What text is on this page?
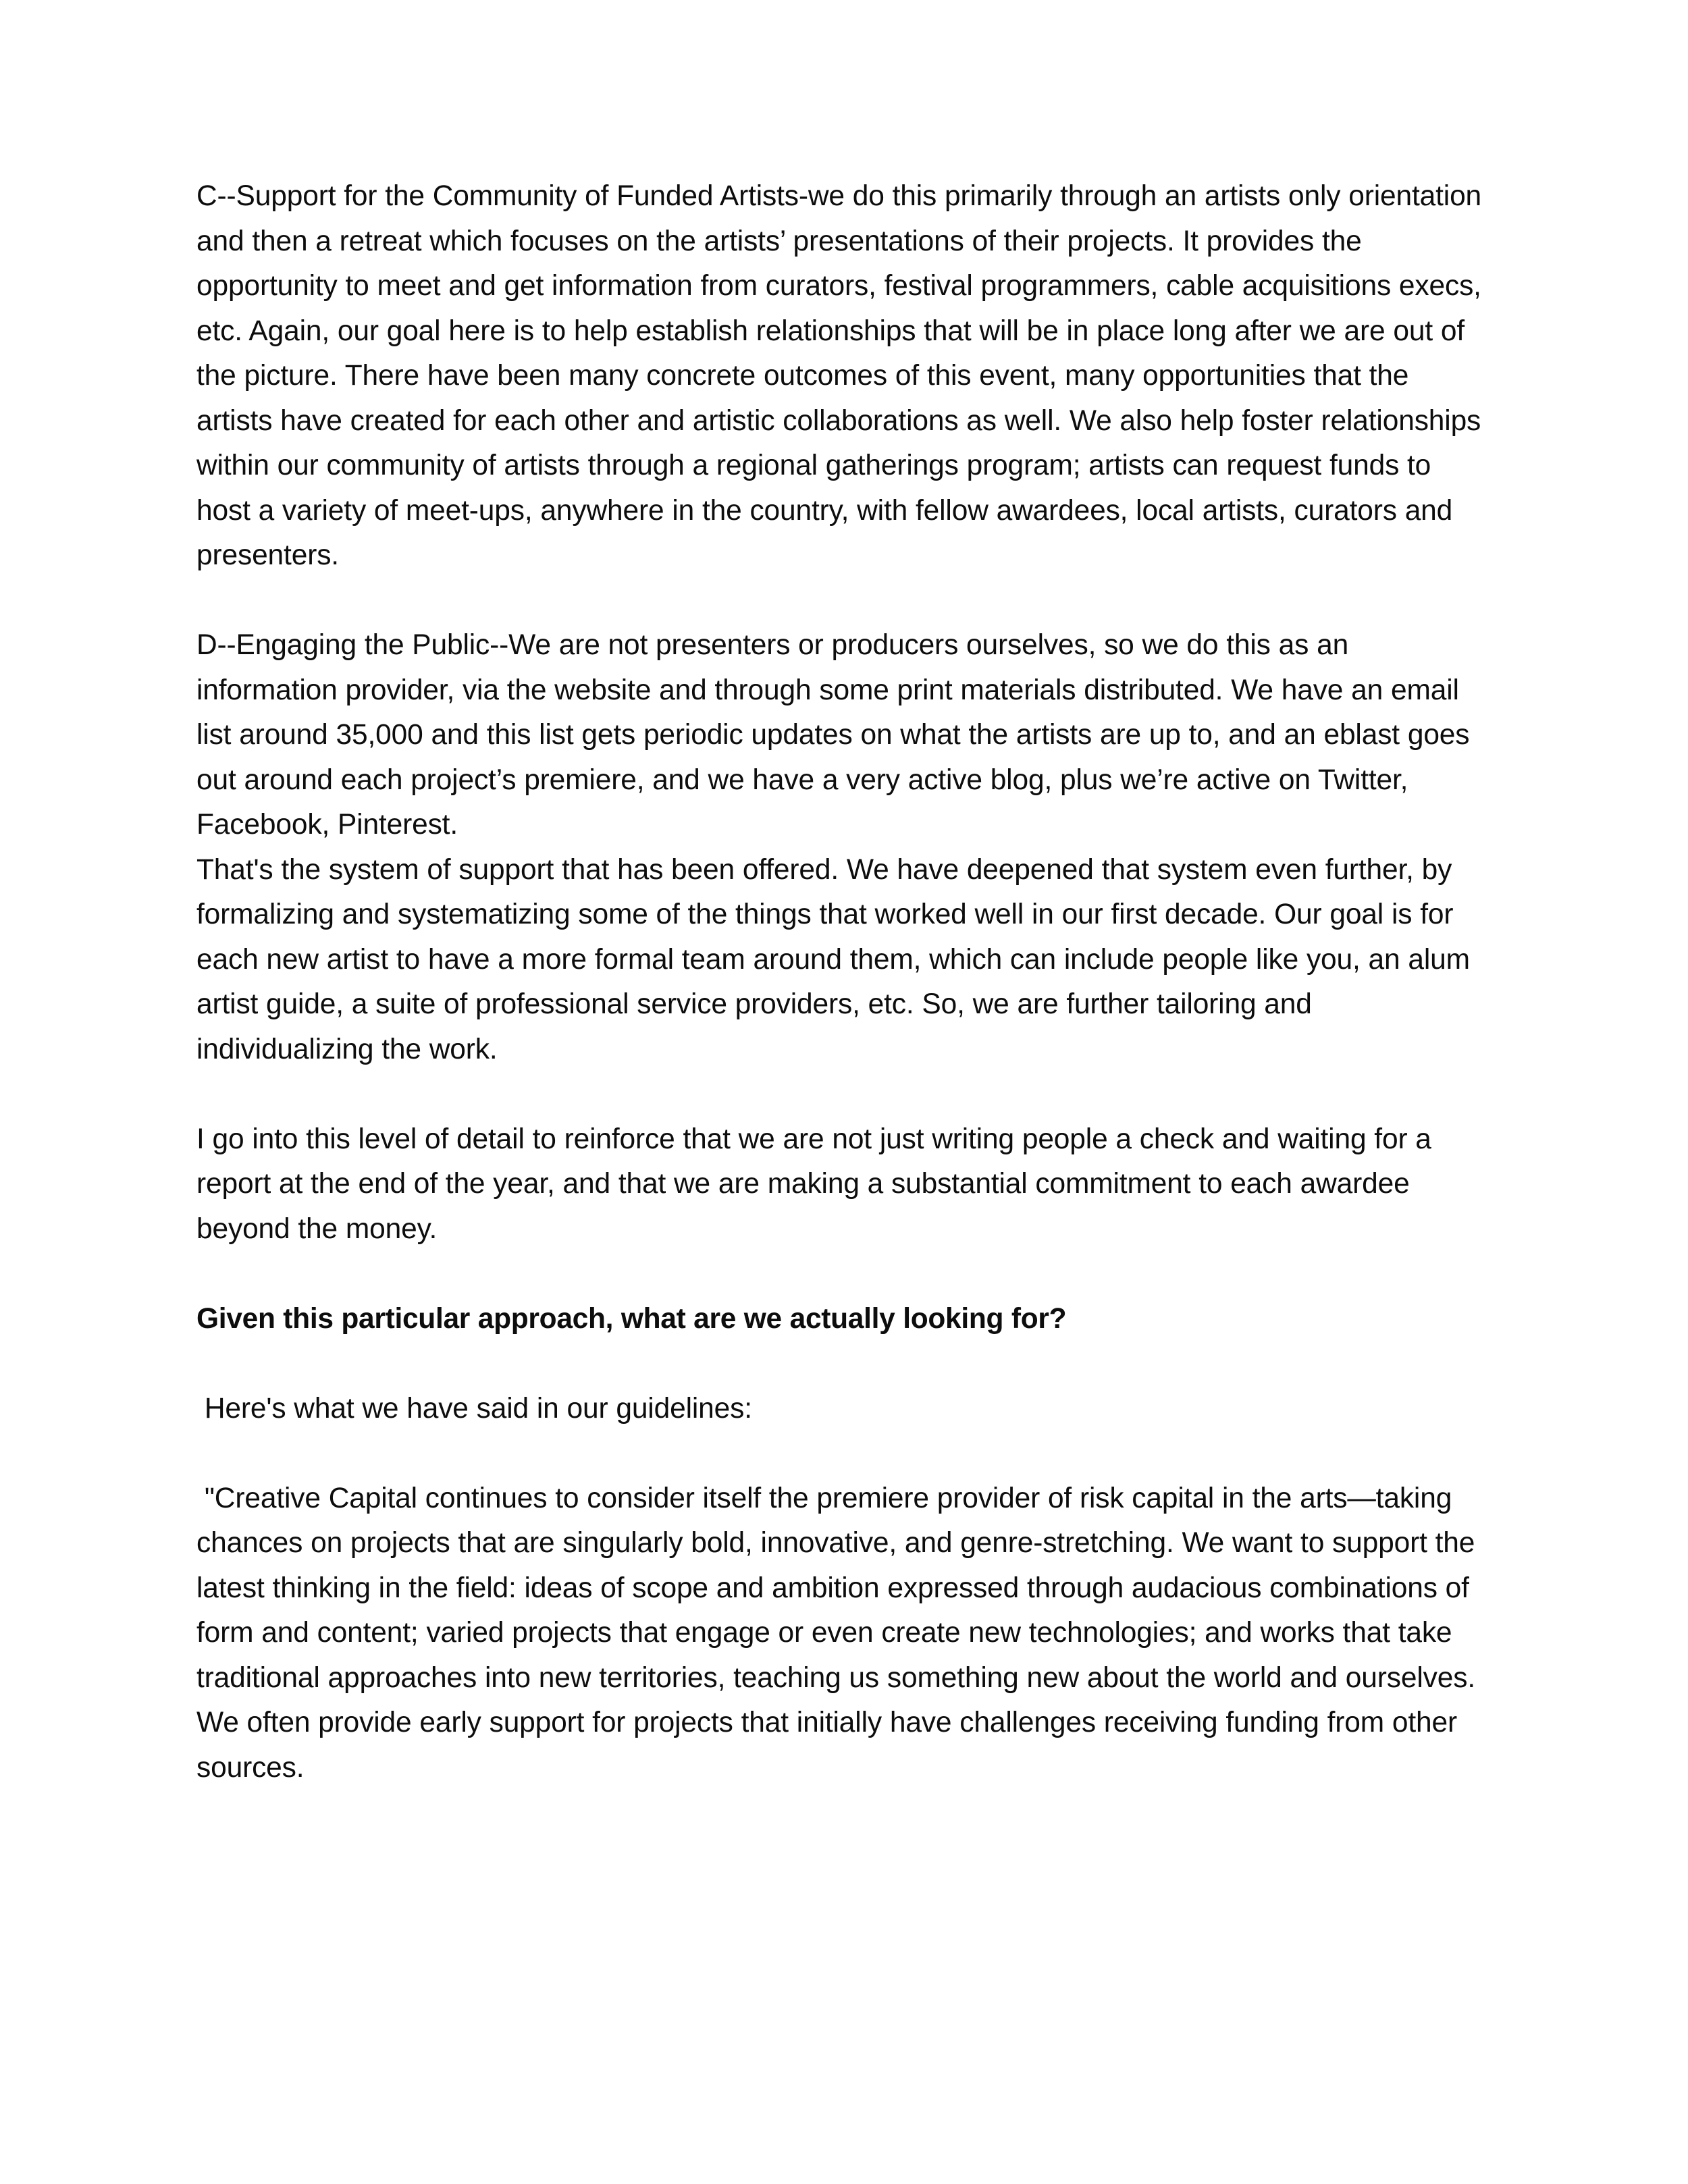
C--Support for the Community of Funded Artists-we do this primarily through an artists only orientation and then a retreat which focuses on the artists’ presentations of their projects. It provides the opportunity to meet and get information from curators, festival programmers, cable acquisitions execs, etc. Again, our goal here is to help establish relationships that will be in place long after we are out of the picture. There have been many concrete outcomes of this event, many opportunities that the artists have created for each other and artistic collaborations as well. We also help foster relationships within our community of artists through a regional gatherings program; artists can request funds to host a variety of meet-ups, anywhere in the country, with fellow awardees, local artists, curators and presenters.

D--Engaging the Public--We are not presenters or producers ourselves, so we do this as an information provider, via the website and through some print materials distributed. We have an email list around 35,000 and this list gets periodic updates on what the artists are up to, and an eblast goes out around each project’s premiere, and we have a very active blog, plus we’re active on Twitter, Facebook, Pinterest.

That's the system of support that has been offered. We have deepened that system even further, by formalizing and systematizing some of the things that worked well in our first decade. Our goal is for each new artist to have a more formal team around them, which can include people like you, an alum artist guide, a suite of professional service providers, etc. So, we are further tailoring and individualizing the work.

I go into this level of detail to reinforce that we are not just writing people a check and waiting for a report at the end of the year, and that we are making a substantial commitment to each awardee beyond the money.

Given this particular approach, what are we actually looking for?

Here's what we have said in our guidelines:

"Creative Capital continues to consider itself the premiere provider of risk capital in the arts—taking chances on projects that are singularly bold, innovative, and genre-stretching. We want to support the latest thinking in the field: ideas of scope and ambition expressed through audacious combinations of form and content; varied projects that engage or even create new technologies; and works that take traditional approaches into new territories, teaching us something new about the world and ourselves. We often provide early support for projects that initially have challenges receiving funding from other sources.
